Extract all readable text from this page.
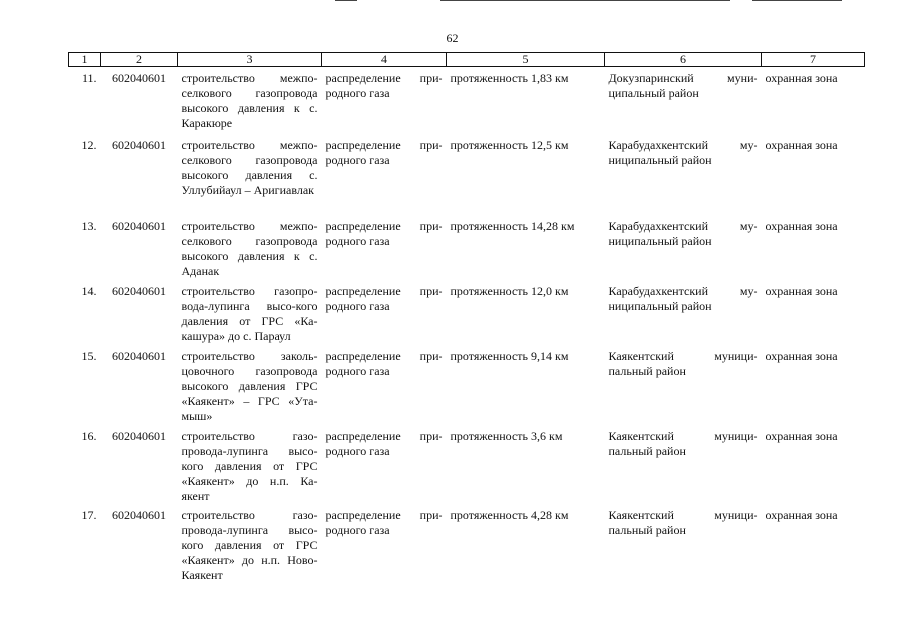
62
1	2	3	4	5	6	7
11.	602040601	строительство межпо-селкового газопровода высокого давления к с. Каракюре	распределение при-родного газа	протяженность 1,83 км	Докузпаринский муни-ципальный район	охранная зона
12.	602040601	строительство межпо-селкового газопровода высокого давления с. Уллубийаул – Аригиавлак	распределение при-родного газа	протяженность 12,5 км	Карабудахкентский му-ниципальный район	охранная зона
13.	602040601	строительство межпо-селкового газопровода высокого давления к с. Аданак	распределение при-родного газа	протяженность 14,28 км	Карабудахкентский му-ниципальный район	охранная зона
14.	602040601	строительство газопро-вода-лупинга высо-кого давления от ГРС «Ка-кашура» до с. Параул	распределение при-родного газа	протяженность 12,0 км	Карабудахкентский му-ниципальный район	охранная зона
15.	602040601	строительство заколь-цовочного газопровода высокого давления ГРС «Каякент» – ГРС «Ута-мыш»	распределение при-родного газа	протяженность 9,14 км	Каякентский муници-пальный район	охранная зона
16.	602040601	строительство газо-провода-лупинга высо-кого давления от ГРС «Каякент» до н.п. Ка-якент	распределение при-родного газа	протяженность 3,6 км	Каякентский муници-пальный район	охранная зона
17.	602040601	строительство газо-провода-лупинга высо-кого давления от ГРС «Каякент» до н.п. Ново-Каякент	распределение при-родного газа	протяженность 4,28 км	Каякентский муници-пальный район	охранная зона
